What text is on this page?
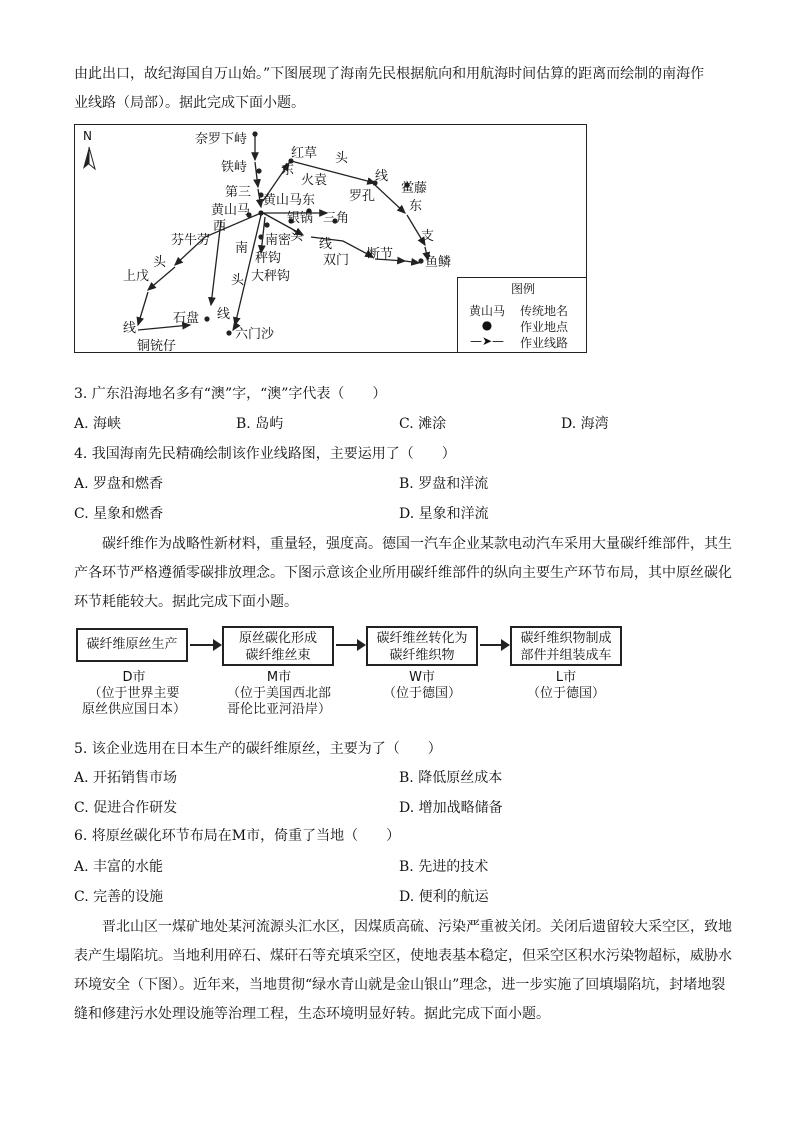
由此出口，故纪海国自万山始。”下图展现了海南先民根据航向和用航海时间估算的距离而绘制的南海作

业线路（局部）。据此完成下面小题。

N	奈罗下峙
铁峙
第三
黄山马
黄山马东
红草
火袁
罗孔
鲎藤
银锅 三角
南密
芬牛劳
上戊
石盘
铜铳仔
秤钩
大秤钩
六门沙
双门 断节
鱼鳞
头
线
东
东
支
西
南
头
线
头
头
线
线
图例
黄山马 传统地名
●	作业地点
—➤— 作业线路

3. 广东沿海地名多有“澳”字，“澳”字代表（　　）

A. 海峡	B. 岛屿	C. 滩涂	D. 海湾

4. 我国海南先民精确绘制该作业线路图，主要运用了（　　）

A. 罗盘和燃香	B. 罗盘和洋流
C. 星象和燃香	D. 星象和洋流

碳纤维作为战略性新材料，重量轻，强度高。德国一汽车企业某款电动汽车采用大量碳纤维部件，其生产各环节严格遵循零碳排放理念。下图示意该企业所用碳纤维部件的纵向主要生产环节布局，其中原丝碳化环节耗能较大。据此完成下面小题。

碳纤维原丝生产	原丝碳化形成
碳纤维丝束
碳纤维丝转化为
碳纤维织物
碳纤维织物制成
部件并组装成车
D市
（位于世界主要
原丝供应国日本）
M市
（位于美国西北部
哥伦比亚河沿岸）
W市
（位于德国）
L市
（位于德国）

5. 该企业选用在日本生产的碳纤维原丝，主要为了（　　）

A. 开拓销售市场	B. 降低原丝成本
C. 促进合作研发	D. 增加战略储备

6. 将原丝碳化环节布局在M市，倚重了当地（　　）

A. 丰富的水能	B. 先进的技术
C. 完善的设施	D. 便利的航运

晋北山区一煤矿地处某河流源头汇水区，因煤质高硫、污染严重被关闭。关闭后遗留较大采空区，致地表产生塌陷坑。当地利用碎石、煤矸石等充填采空区，使地表基本稳定，但采空区积水污染物超标，威胁水环境安全（下图）。近年来，当地贯彻“绿水青山就是金山银山”理念，进一步实施了回填塌陷坑，封堵地裂缝和修建污水处理设施等治理工程，生态环境明显好转。据此完成下面小题。
